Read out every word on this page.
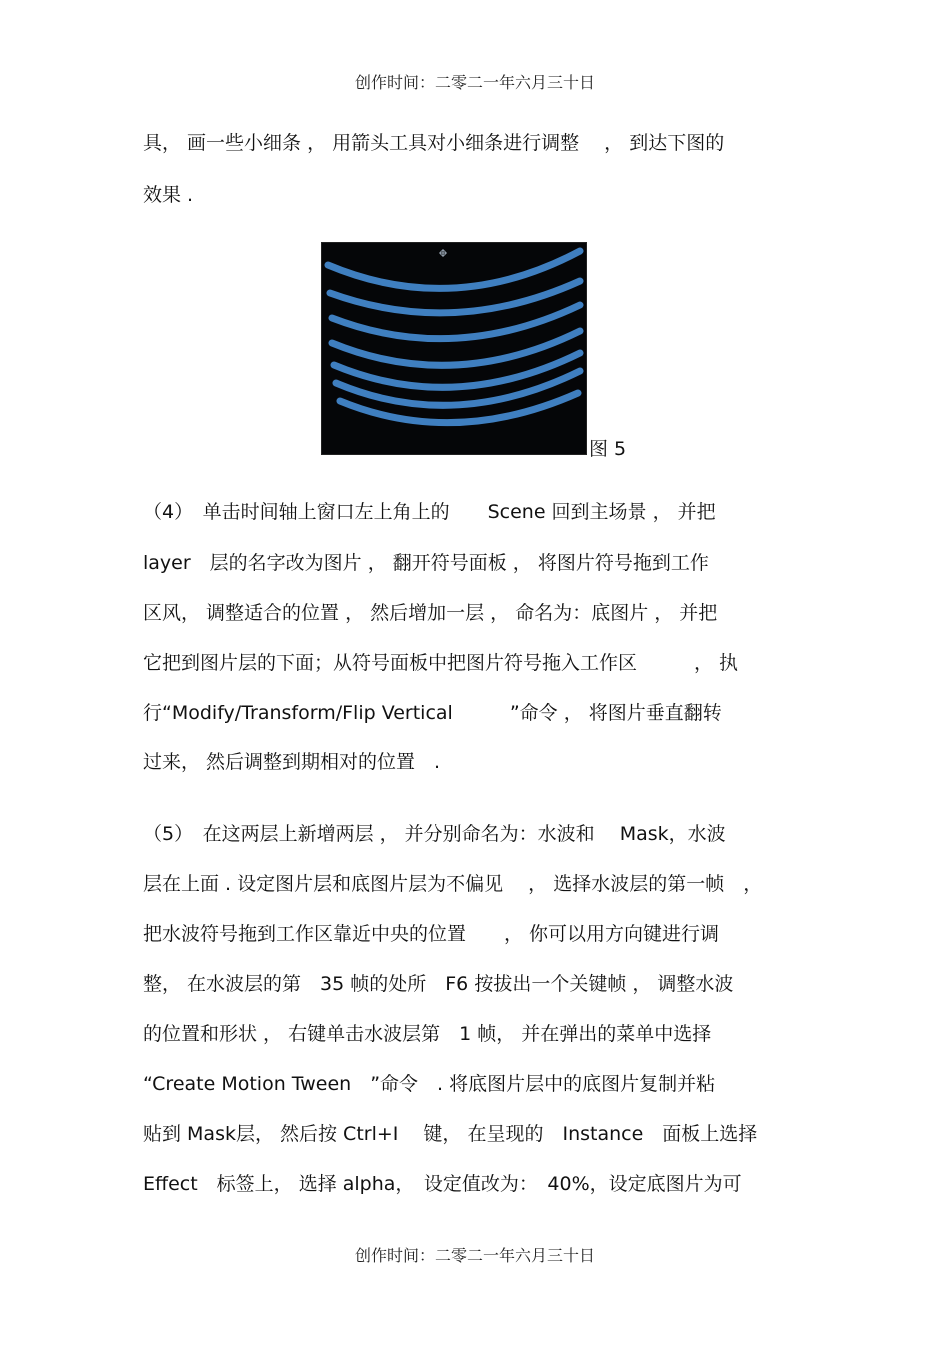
创作时间：二零二一年六月三十日
具， 画一些小细条 ， 用箭头工具对小细条进行调整　 ， 到达下图的
效果 .
图 5
（4）　单击时间轴上窗口左上角上的　　Scene 回到主场景 ， 并把
layer　层的名字改为图片 ， 翻开符号面板 ， 将图片符号拖到工作
区风， 调整适合的位置 ， 然后增加一层 ， 命名为：底图片 ， 并把
它把到图片层的下面；从符号面板中把图片符号拖入工作区　　　， 执
行“Modify/Transform/Flip Vertical　　　”命令 ， 将图片垂直翻转
过来， 然后调整到期相对的位置　.
（5）　在这两层上新增两层 ， 并分别命名为：水波和　 Mask，水波
层在上面 . 设定图片层和底图片层为不偏见　 ， 选择水波层的第一帧　，
把水波符号拖到工作区靠近中央的位置　　， 你可以用方向键进行调
整， 在水波层的第　35 帧的处所　F6 按拔出一个关键帧 ， 调整水波
的位置和形状 ， 右键单击水波层第　1 帧， 并在弹出的菜单中选择
“Create Motion Tween　”命令　. 将底图片层中的底图片复制并粘
贴到 Mask层， 然后按 Ctrl+I　 键， 在呈现的　Instance　面板上选择
Effect　标签上， 选择 alpha，　设定值改为：　40%，设定底图片为可
创作时间：二零二一年六月三十日
